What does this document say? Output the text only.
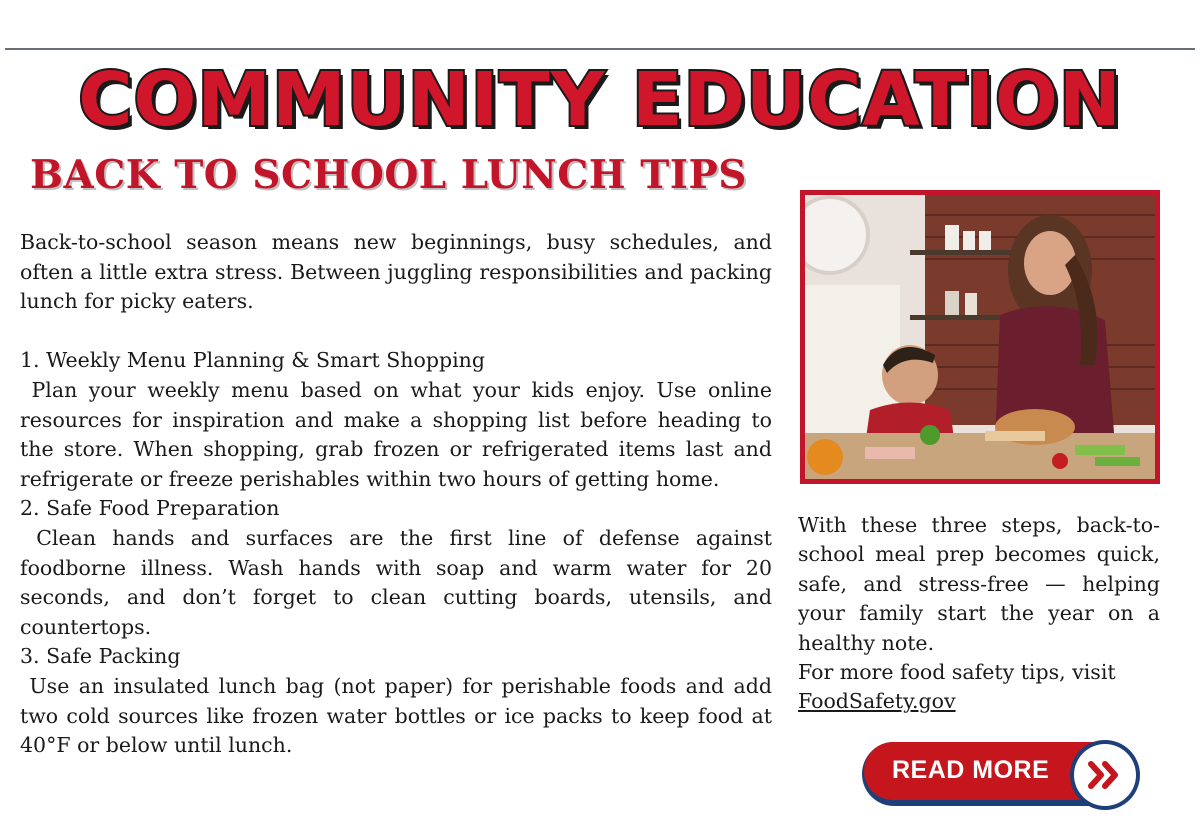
COMMUNITY EDUCATION
BACK TO SCHOOL LUNCH TIPS

Back-to-school season means new beginnings, busy schedules, and often a little extra stress. Between juggling responsibilities and packing lunch for picky eaters.

1. Weekly Menu Planning & Smart Shopping

Plan your weekly menu based on what your kids enjoy. Use online resources for inspiration and make a shopping list before heading to the store. When shopping, grab frozen or refrigerated items last and refrigerate or freeze perishables within two hours of getting home.

2. Safe Food Preparation

Clean hands and surfaces are the first line of defense against foodborne illness. Wash hands with soap and warm water for 20 seconds, and don’t forget to clean cutting boards, utensils, and countertops.

3. Safe Packing

Use an insulated lunch bag (not paper) for perishable foods and add two cold sources like frozen water bottles or ice packs to keep food at 40°F or below until lunch.

With these three steps, back-to-school meal prep becomes quick, safe, and stress-free — helping your family start the year on a healthy note.

For more food safety tips, visit
FoodSafety.gov

READ MORE
